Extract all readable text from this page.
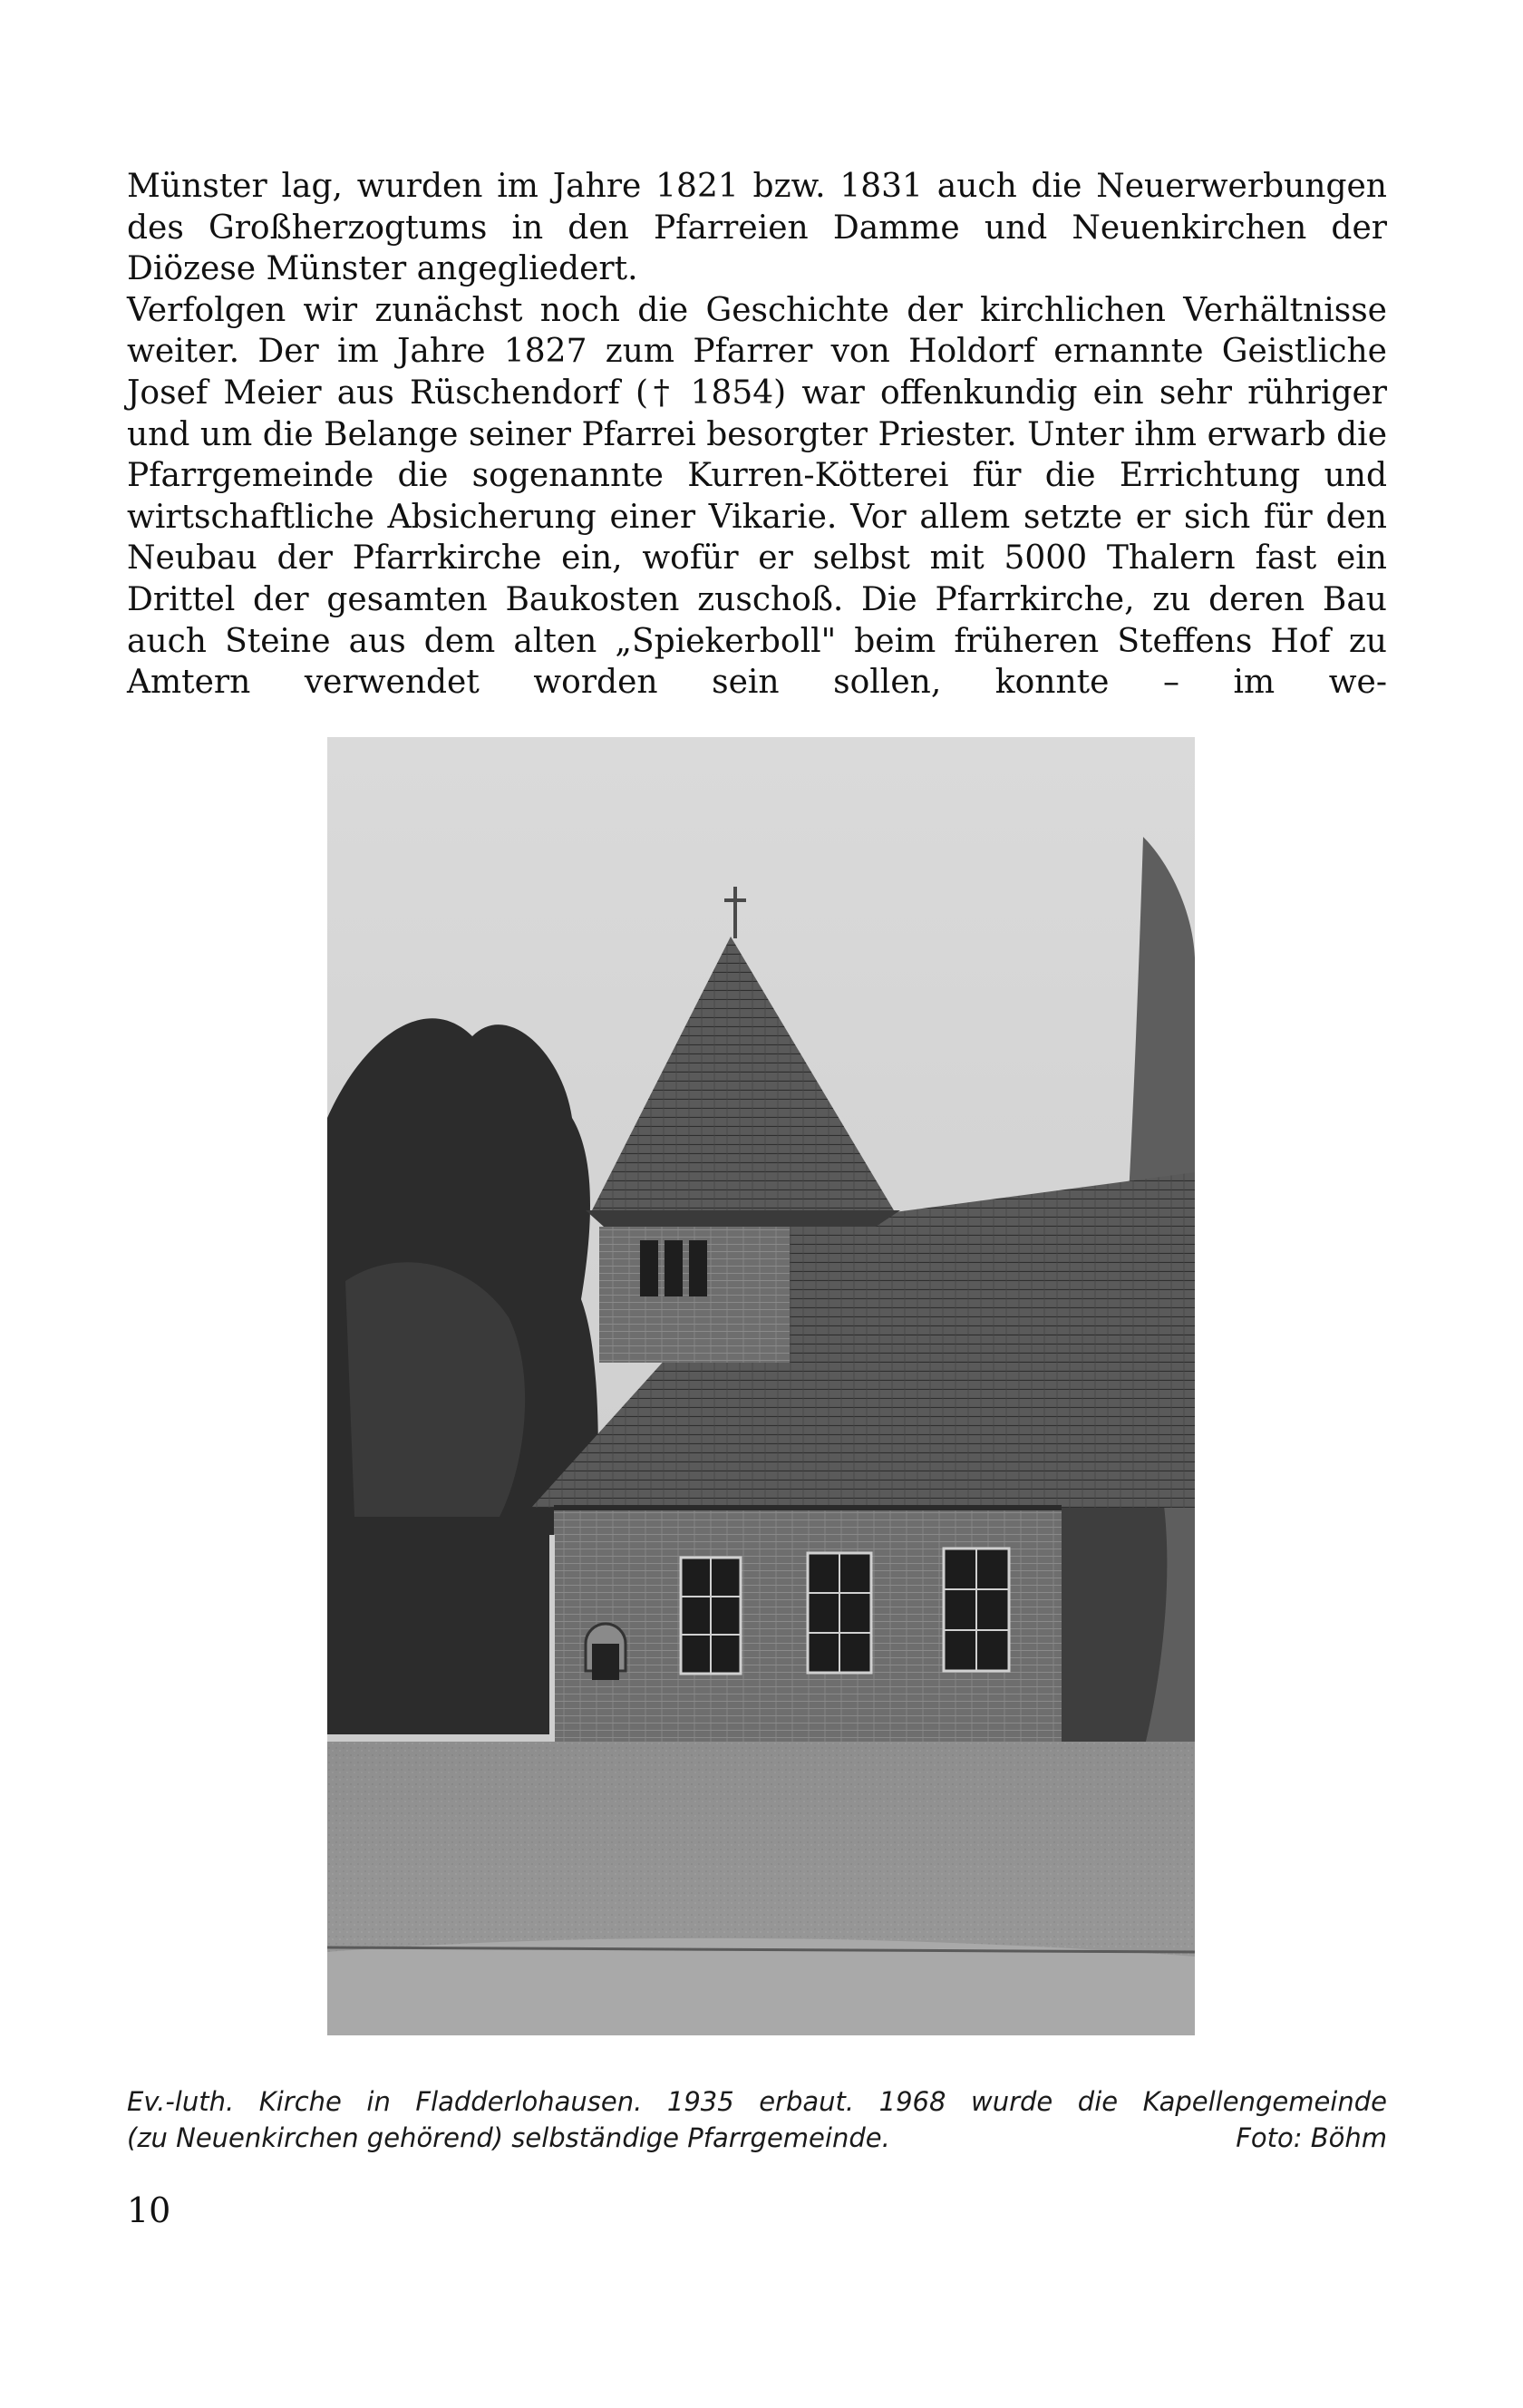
Münster lag, wurden im Jahre 1821 bzw. 1831 auch die Neuerwerbungen des Großherzogtums in den Pfarreien Damme und Neuenkirchen der Diözese Münster angegliedert.

Verfolgen wir zunächst noch die Geschichte der kirchlichen Verhältnisse weiter. Der im Jahre 1827 zum Pfarrer von Holdorf ernannte Geistliche Josef Meier aus Rüschendorf († 1854) war offenkundig ein sehr rühriger und um die Belange seiner Pfarrei besorgter Priester. Unter ihm erwarb die Pfarrgemeinde die sogenannte Kurren-Kötterei für die Errichtung und wirtschaftliche Absicherung einer Vikarie. Vor allem setzte er sich für den Neubau der Pfarrkirche ein, wofür er selbst mit 5000 Thalern fast ein Drittel der gesamten Baukosten zuschoß. Die Pfarrkirche, zu deren Bau auch Steine aus dem alten „Spiekerboll" beim früheren Steffens Hof zu Amtern verwendet worden sein sollen, konnte – im we-

Ev.-luth. Kirche in Fladderlohausen. 1935 erbaut. 1968 wurde die Kapellengemeinde
(zu Neuenkirchen gehörend) selbständige Pfarrgemeinde.	Foto: Böhm
10
